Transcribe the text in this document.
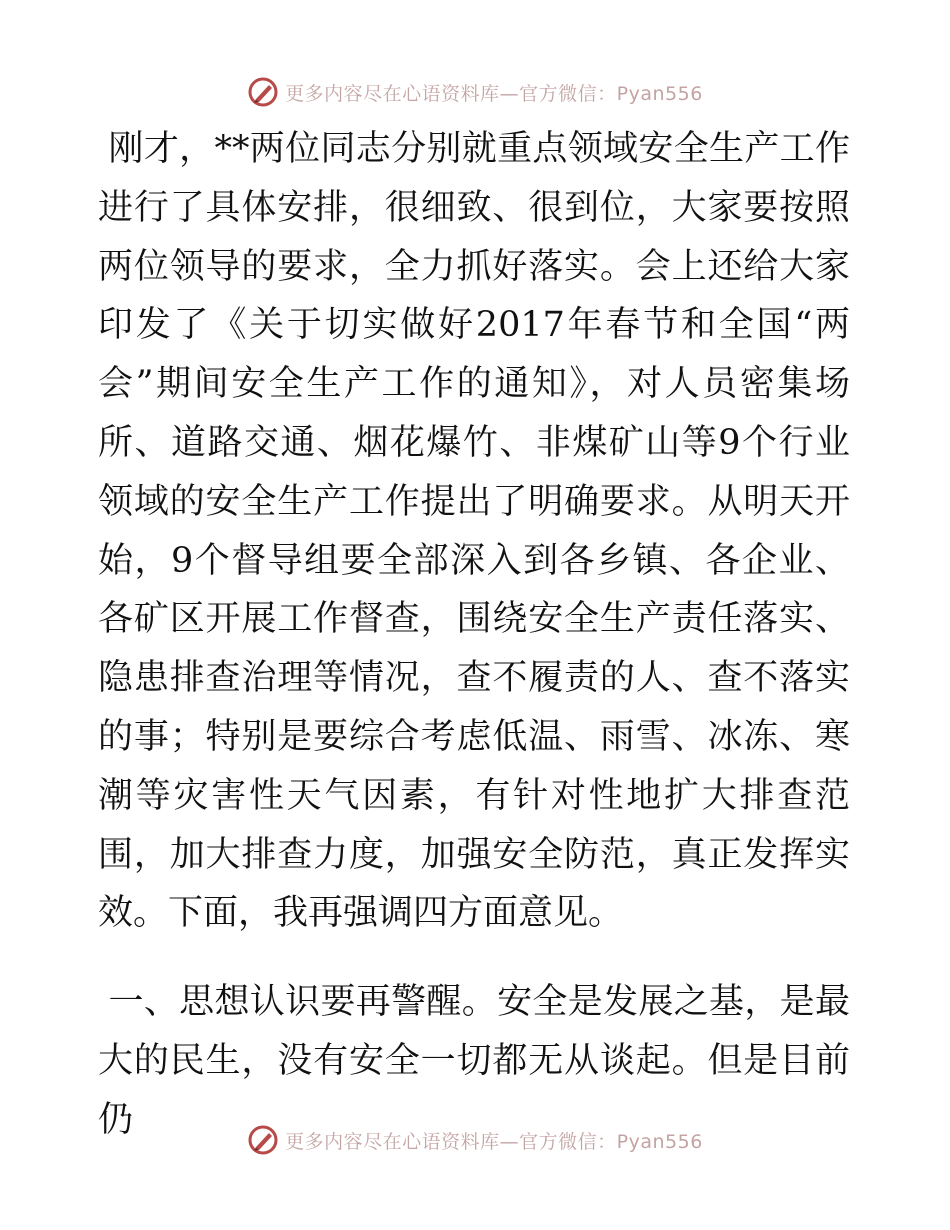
更多内容尽在心语资料库—官方微信：Pyan556

刚才，**两位同志分别就重点领域安全生产工作进行了具体安排，很细致、很到位，大家要按照两位领导的要求，全力抓好落实。会上还给大家印发了《关于切实做好2017年春节和全国“两会”期间安全生产工作的通知》，对人员密集场所、道路交通、烟花爆竹、非煤矿山等9个行业领域的安全生产工作提出了明确要求。从明天开始，9个督导组要全部深入到各乡镇、各企业、各矿区开展工作督查，围绕安全生产责任落实、隐患排查治理等情况，查不履责的人、查不落实的事；特别是要综合考虑低温、雨雪、冰冻、寒潮等灾害性天气因素，有针对性地扩大排查范围，加大排查力度，加强安全防范，真正发挥实效。下面，我再强调四方面意见。

一、思想认识要再警醒。安全是发展之基，是最大的民生，没有安全一切都无从谈起。但是目前仍

更多内容尽在心语资料库—官方微信：Pyan556
